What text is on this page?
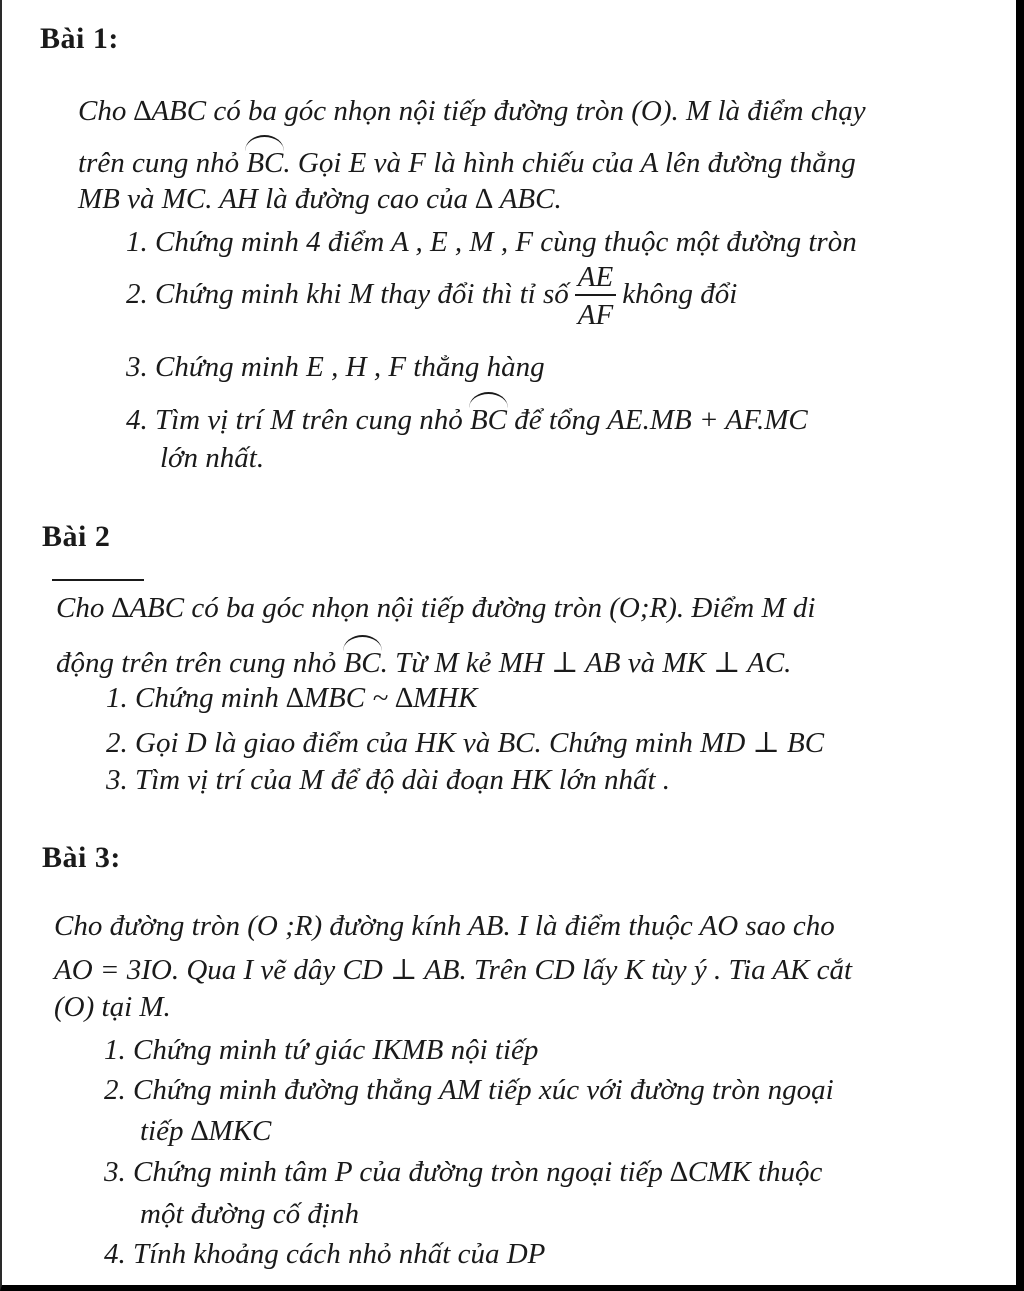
Bài 1:
Cho ∆ABC có ba góc nhọn nội tiếp đường tròn (O). M là điểm chạy
trên cung nhỏ BC. Gọi E và F là hình chiếu của A lên đường thẳng
MB và MC. AH là đường cao của ∆ ABC.
1. Chứng minh 4 điểm A , E , M , F cùng thuộc một đường tròn
2. Chứng minh khi M thay đổi thì tỉ số $\frac{AE}{AF}$ không đổi
3. Chứng minh E , H , F thẳng hàng
4. Tìm vị trí M trên cung nhỏ BC để tổng AE.MB + AF.MC
lớn nhất.
Bài 2
Cho ∆ABC có ba góc nhọn nội tiếp đường tròn (O;R). Điểm M di
động trên trên cung nhỏ BC. Từ M kẻ MH ⊥ AB và MK ⊥ AC.
1. Chứng minh ∆MBC ~ ∆MHK
2. Gọi D là giao điểm của HK và BC. Chứng minh MD ⊥ BC
3. Tìm vị trí của M để độ dài đoạn HK lớn nhất .
Bài 3:
Cho đường tròn (O ;R) đường kính AB. I là điểm thuộc AO sao cho
AO = 3IO. Qua I vẽ dây CD ⊥ AB. Trên CD lấy K tùy ý . Tia AK cắt
(O) tại M.
1. Chứng minh tứ giác IKMB nội tiếp
2. Chứng minh đường thẳng AM tiếp xúc với đường tròn ngoại
tiếp ∆MKC
3. Chứng minh tâm P của đường tròn ngoại tiếp ∆CMK thuộc
một đường cố định
4. Tính khoảng cách nhỏ nhất của DP
